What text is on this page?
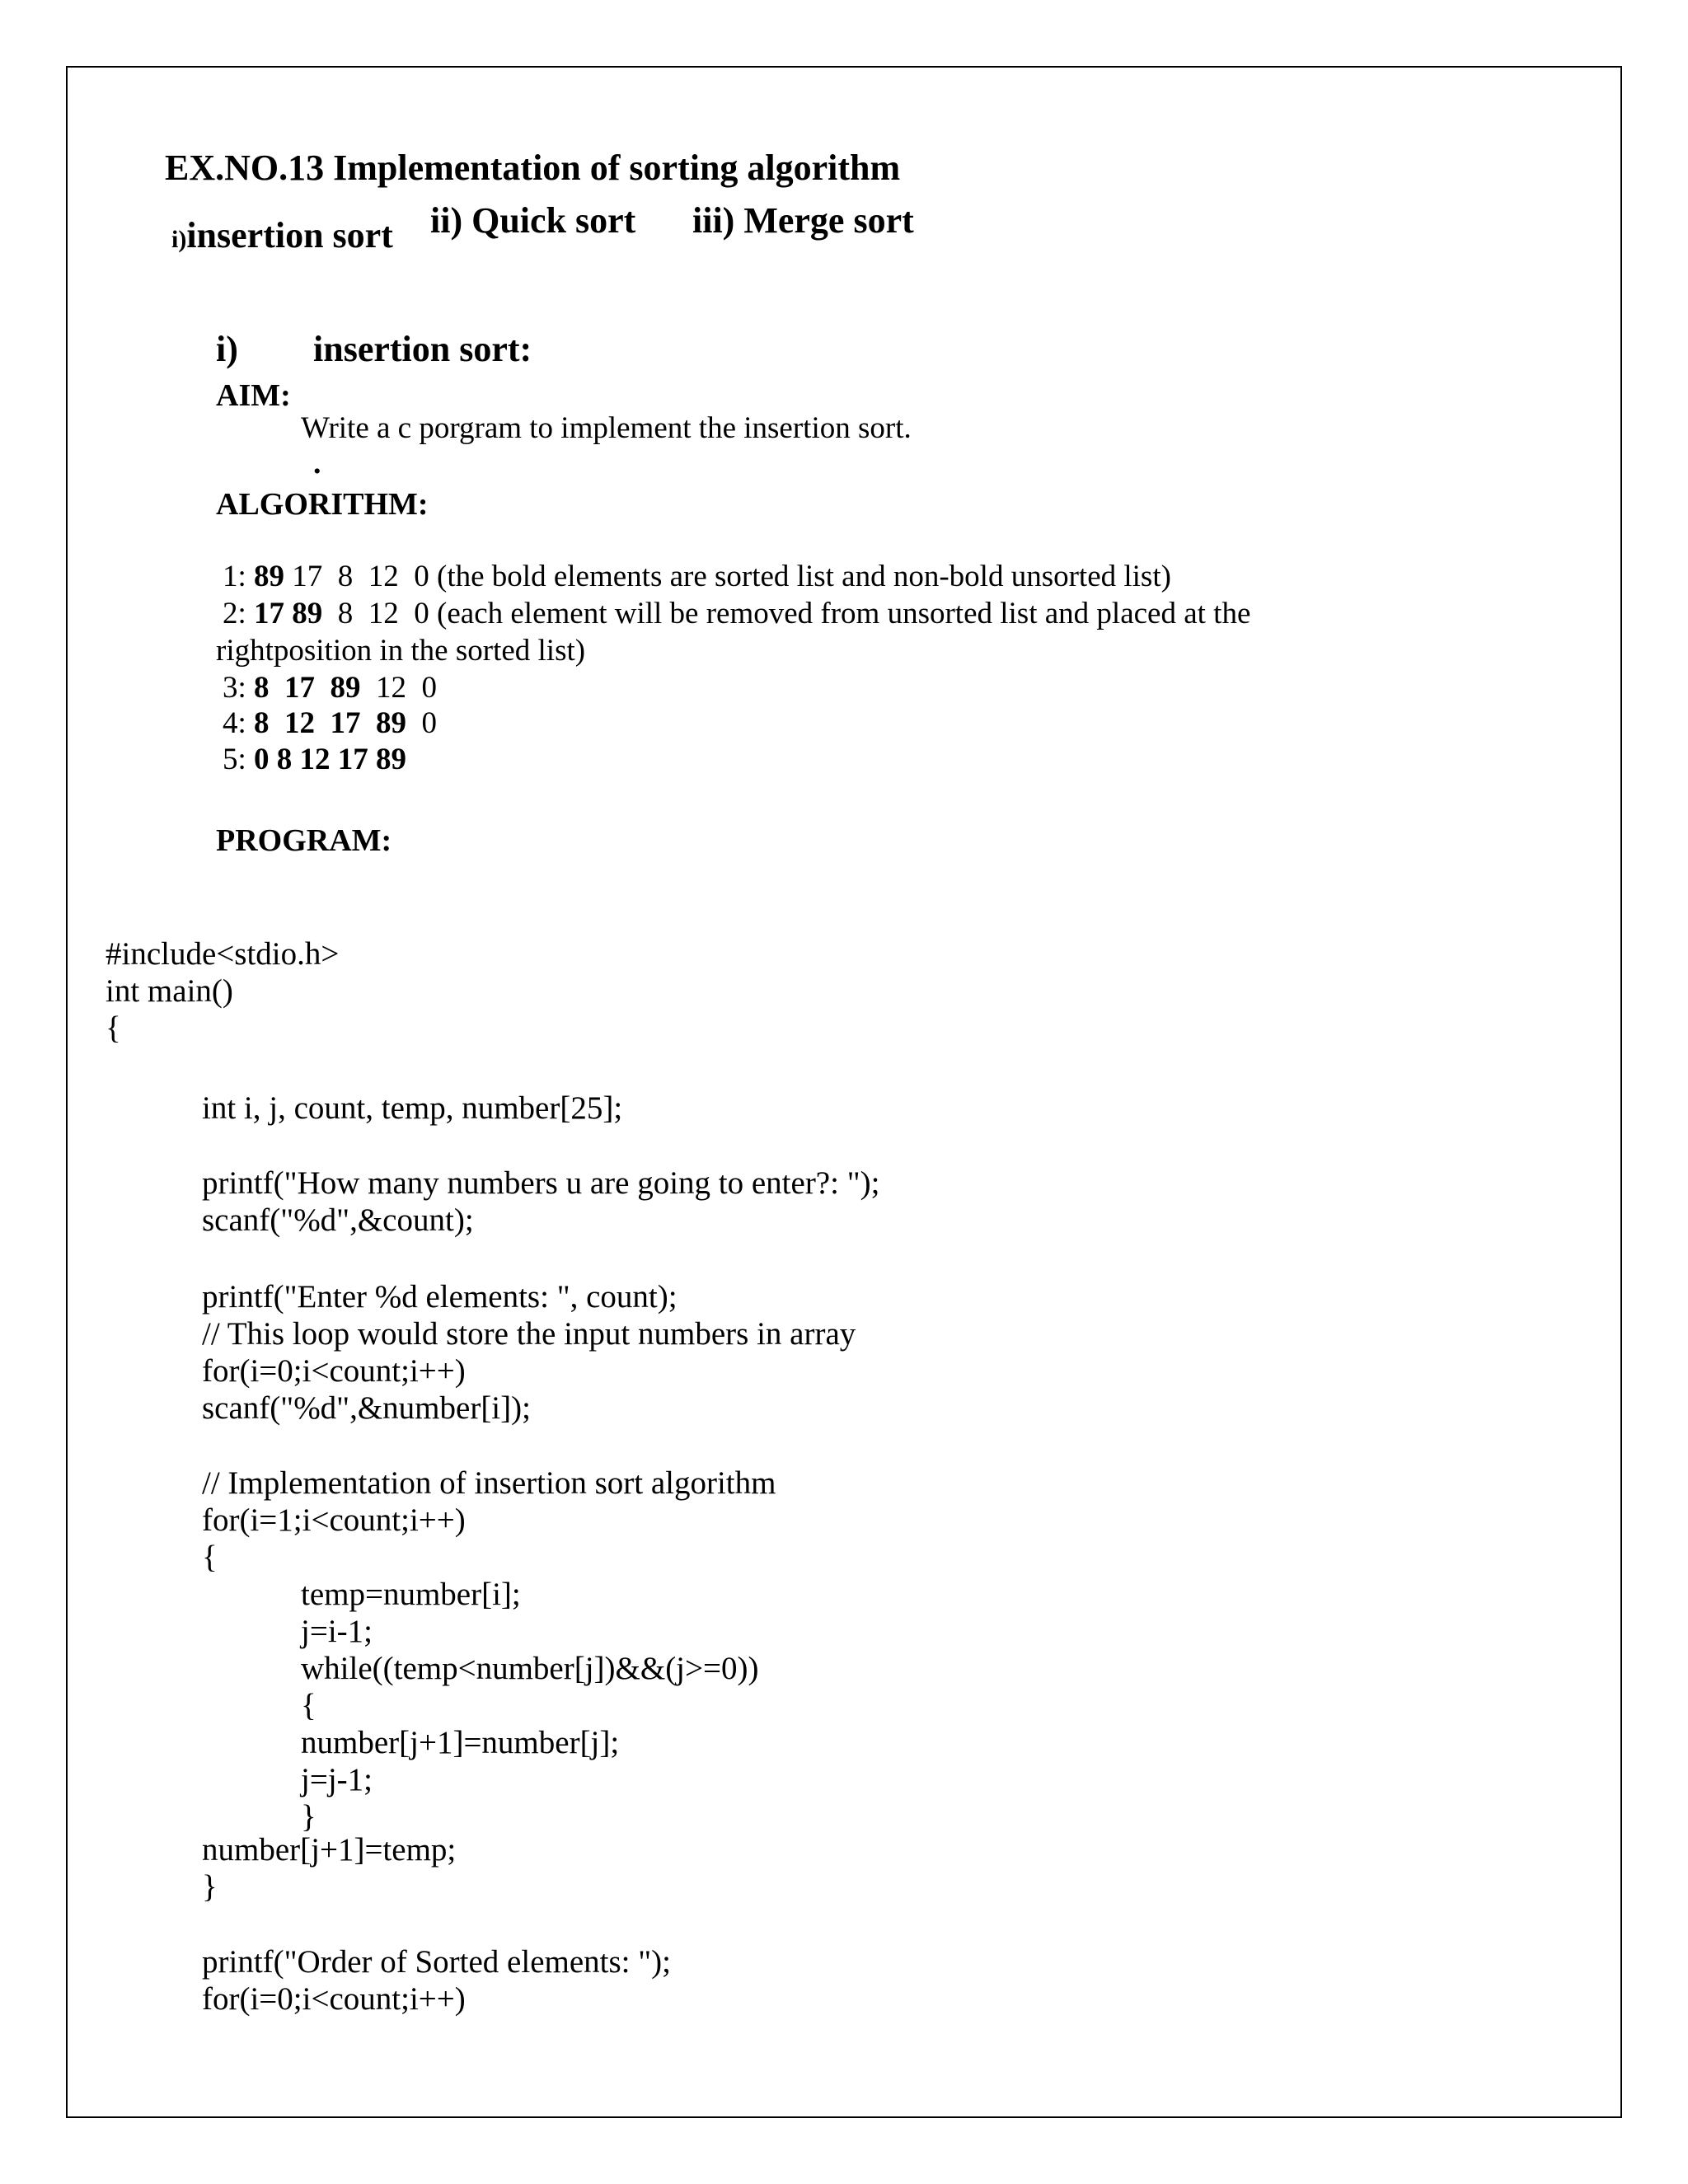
EX.NO.13 Implementation of sorting algorithm

i)insertion sort ii) Quick sort iii) Merge sort
i) insertion sort:
AIM:
Write a c porgram to implement the insertion sort.
.
ALGORITHM:
1: 89 17  8  12  0 (the bold elements are sorted list and non-bold unsorted list)
2: 17 89 8  12  0 (each element will be removed from unsorted list and placed at the
rightposition in the sorted list)
3: 8  17  89 12  0
4: 8  12  17  89 0
5: 0 8 12 17 89
PROGRAM:
#include<stdio.h>
int main()
{
int i, j, count, temp, number[25];
printf("How many numbers u are going to enter?: ");
scanf("%d",&count);
printf("Enter %d elements: ", count);
// This loop would store the input numbers in array
for(i=0;i<count;i++)
scanf("%d",&number[i]);
// Implementation of insertion sort algorithm
for(i=1;i<count;i++)
{
temp=number[i];
j=i-1;
while((temp<number[j])&&(j>=0))
{
number[j+1]=number[j];
j=j-1;
}
number[j+1]=temp;
}
printf("Order of Sorted elements: ");
for(i=0;i<count;i++)
